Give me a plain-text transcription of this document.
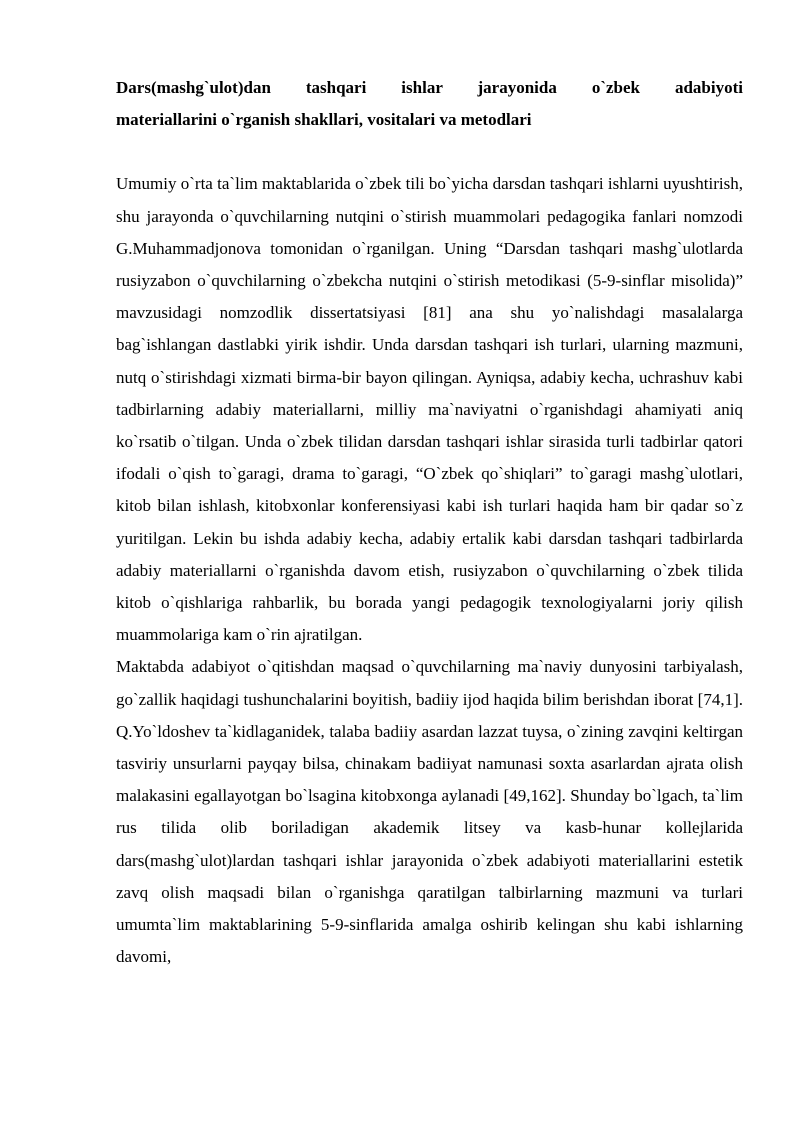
Dars(mashg`ulot)dan tashqari ishlar jarayonida o`zbek adabiyoti
materiallarini o`rganish shakllari, vositalari va metodlari

Umumiy o`rta ta`lim maktablarida o`zbek tili bo`yicha darsdan tashqari ishlarni uyushtirish, shu jarayonda o`quvchilarning nutqini o`stirish muammolari pedagogika fanlari nomzodi G.Muhammadjonova tomonidan o`rganilgan. Uning “Darsdan tashqari mashg`ulotlarda rusiyzabon o`quvchilarning o`zbekcha nutqini o`stirish metodikasi (5-9-sinflar misolida)” mavzusidagi nomzodlik dissertatsiyasi [81] ana shu yo`nalishdagi masalalarga bag`ishlangan dastlabki yirik ishdir. Unda darsdan tashqari ish turlari, ularning mazmuni, nutq o`stirishdagi xizmati birma-bir bayon qilingan. Ayniqsa, adabiy kecha, uchrashuv kabi tadbirlarning adabiy materiallarni, milliy ma`naviyatni o`rganishdagi ahamiyati aniq ko`rsatib o`tilgan. Unda o`zbek tilidan darsdan tashqari ishlar sirasida turli tadbirlar qatori ifodali o`qish to`garagi, drama to`garagi, “O`zbek qo`shiqlari” to`garagi mashg`ulotlari, kitob bilan ishlash, kitobxonlar konferensiyasi kabi ish turlari haqida ham bir qadar so`z yuritilgan. Lekin bu ishda adabiy kecha, adabiy ertalik kabi darsdan tashqari tadbirlarda adabiy materiallarni o`rganishda davom etish, rusiyzabon o`quvchilarning o`zbek tilida kitob o`qishlariga rahbarlik, bu borada yangi pedagogik texnologiyalarni joriy qilish muammolariga kam o`rin ajratilgan.

Maktabda adabiyot o`qitishdan maqsad o`quvchilarning ma`naviy dunyosini tarbiyalash, go`zallik haqidagi tushunchalarini boyitish, badiiy ijod haqida bilim berishdan iborat [74,1]. Q.Yo`ldoshev ta`kidlaganidek, talaba badiiy asardan lazzat tuysa, o`zining zavqini keltirgan tasviriy unsurlarni payqay bilsa, chinakam badiiyat namunasi soxta asarlardan ajrata olish malakasini egallayotgan bo`lsagina kitobxonga aylanadi [49,162]. Shunday bo`lgach, ta`lim rus tilida olib boriladigan akademik litsey va kasb-hunar kollejlarida dars(mashg`ulot)lardan tashqari ishlar jarayonida o`zbek adabiyoti materiallarini estetik zavq olish maqsadi bilan o`rganishga qaratilgan talbirlarning mazmuni va turlari umumta`lim maktablarining 5-9-sinflarida amalga oshirib kelingan shu kabi ishlarning davomi,
